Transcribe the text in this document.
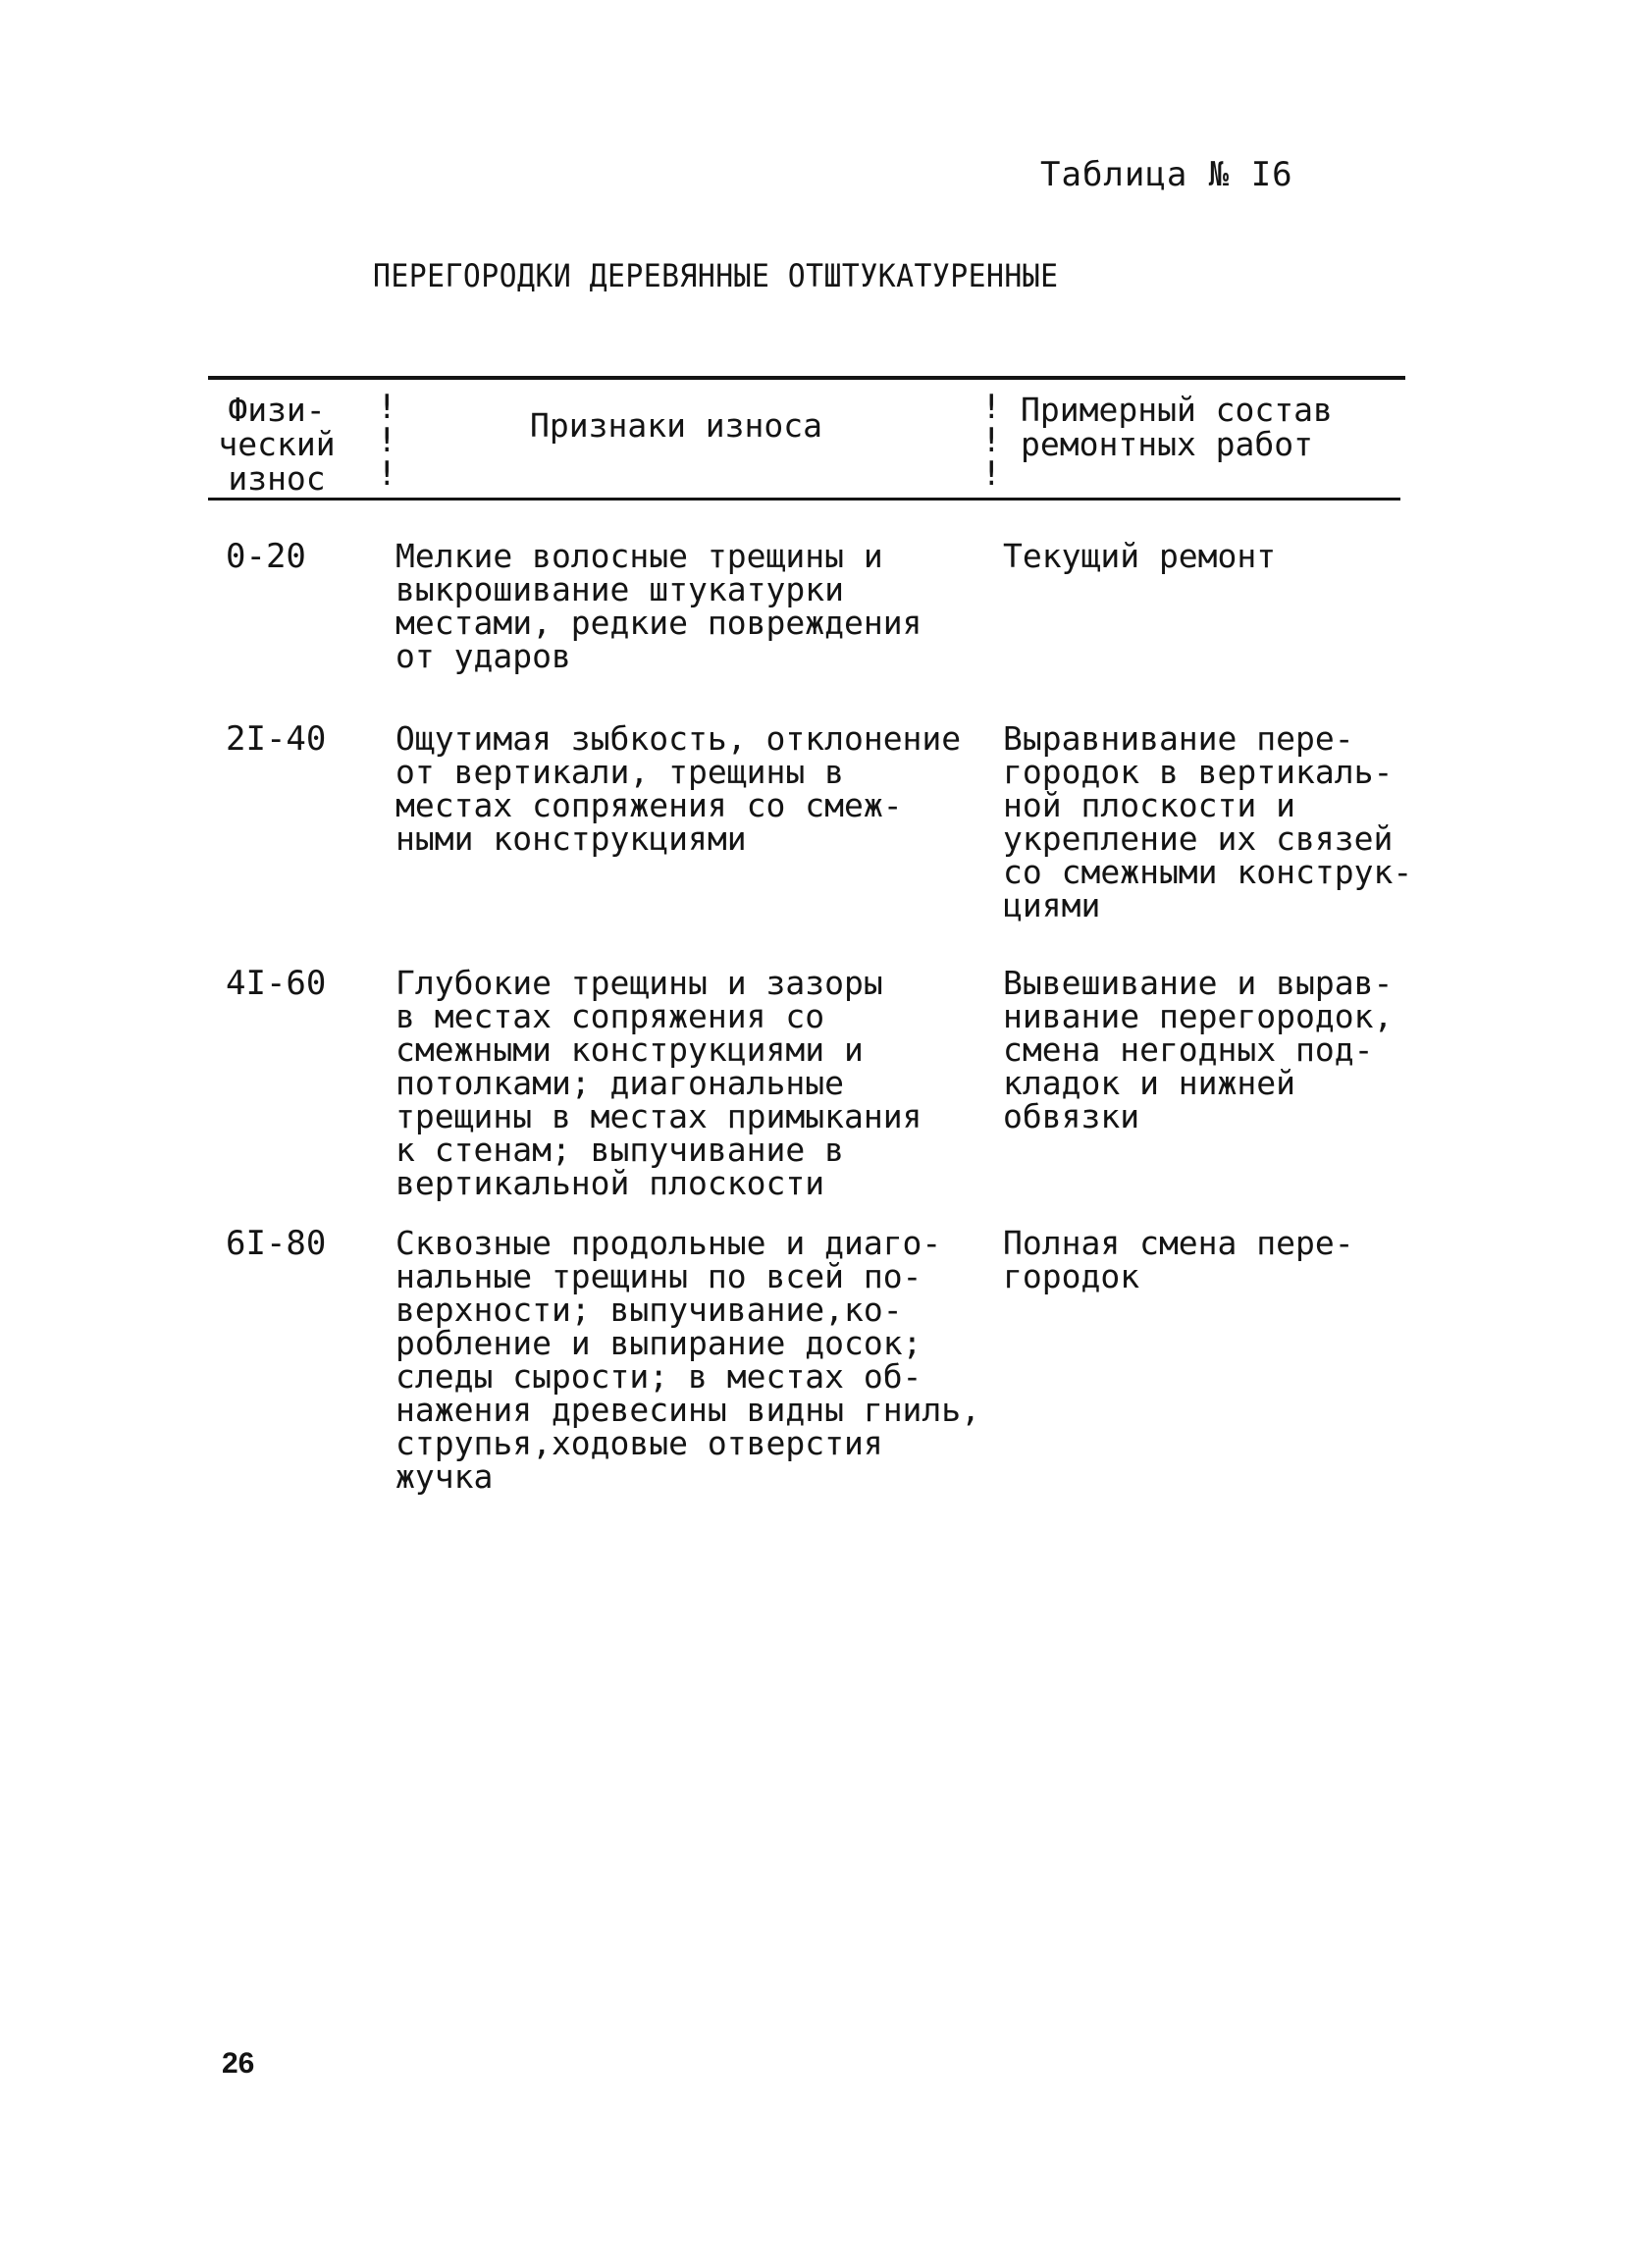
Таблица № I6
ПЕРЕГОРОДКИ ДЕРЕВЯННЫЕ ОТШТУКАТУРЕННЫЕ
Физи-
ческий
износ
!
!
!
Признаки износа	!
!
!
Примерный состав
ремонтных работ
0-20	Мелкие волосные трещины и
выкрошивание штукатурки
местами, редкие повреждения
от ударов
Текущий ремонт
2I-40 Ощутимая зыбкость, отклонение
от вертикали, трещины в
местах сопряжения со смеж-
ными конструкциями
Выравнивание пере-
городок в вертикаль-
ной плоскости и
укрепление их связей
со смежными конструк-
циями
4I-60 Глубокие трещины и зазоры
в местах сопряжения со
смежными конструкциями и
потолками; диагональные
трещины в местах примыкания
к стенам; выпучивание в
вертикальной плоскости
Вывешивание и вырав-
нивание перегородок,
смена негодных под-
кладок и нижней
обвязки
6I-80 Сквозные продольные и диаго-
нальные трещины по всей по-
верхности; выпучивание,ко-
робление и выпирание досок;
следы сырости; в местах об-
нажения древесины видны гниль,
струпья,ходовые отверстия
жучка
Полная смена пере-
городок
26
